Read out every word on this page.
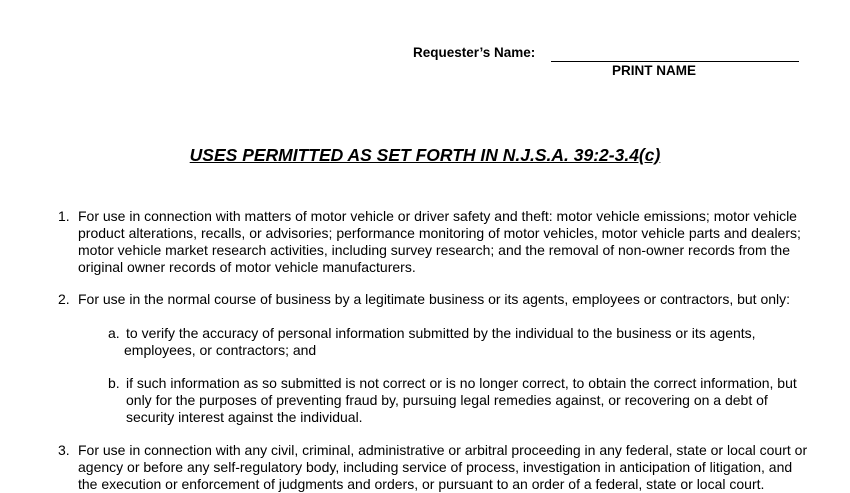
Requester’s Name:
PRINT NAME
USES PERMITTED AS SET FORTH IN N.J.S.A. 39:2-3.4(c)
1. For use in connection with matters of motor vehicle or driver safety and theft: motor vehicle emissions; motor vehicle
product alterations, recalls, or advisories; performance monitoring of motor vehicles, motor vehicle parts and dealers;
motor vehicle market research activities, including survey research; and the removal of non-owner records from the
original owner records of motor vehicle manufacturers.
2. For use in the normal course of business by a legitimate business or its agents, employees or contractors, but only:
a. to verify the accuracy of personal information submitted by the individual to the business or its agents,
employees, or contractors; and
b. if such information as so submitted is not correct or is no longer correct, to obtain the correct information, but
only for the purposes of preventing fraud by, pursuing legal remedies against, or recovering on a debt of
security interest against the individual.
3. For use in connection with any civil, criminal, administrative or arbitral proceeding in any federal, state or local court or
agency or before any self-regulatory body, including service of process, investigation in anticipation of litigation, and
the execution or enforcement of judgments and orders, or pursuant to an order of a federal, state or local court.
